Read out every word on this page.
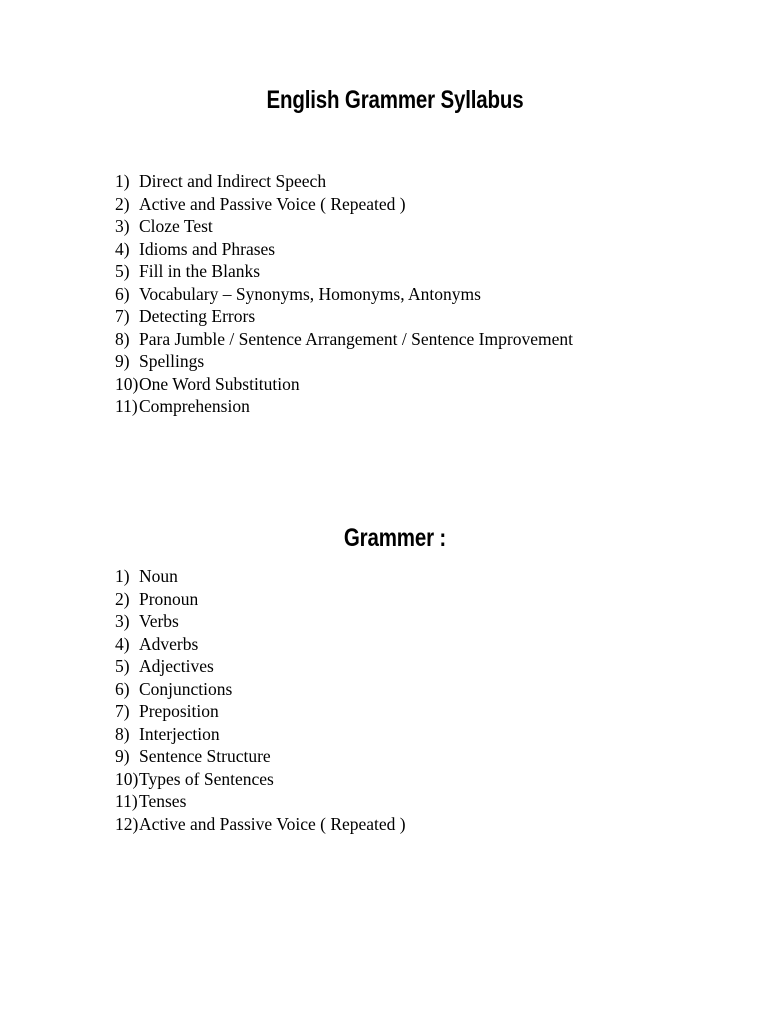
English Grammer Syllabus
1) Direct and Indirect Speech
2) Active and Passive Voice ( Repeated )
3) Cloze Test
4) Idioms and Phrases
5) Fill in the Blanks
6) Vocabulary – Synonyms, Homonyms, Antonyms
7) Detecting Errors
8) Para Jumble / Sentence Arrangement / Sentence Improvement
9) Spellings
10) One Word Substitution
11) Comprehension
Grammer :
1) Noun
2) Pronoun
3) Verbs
4) Adverbs
5) Adjectives
6) Conjunctions
7) Preposition
8) Interjection
9) Sentence Structure
10) Types of Sentences
11) Tenses
12) Active and Passive Voice ( Repeated )
